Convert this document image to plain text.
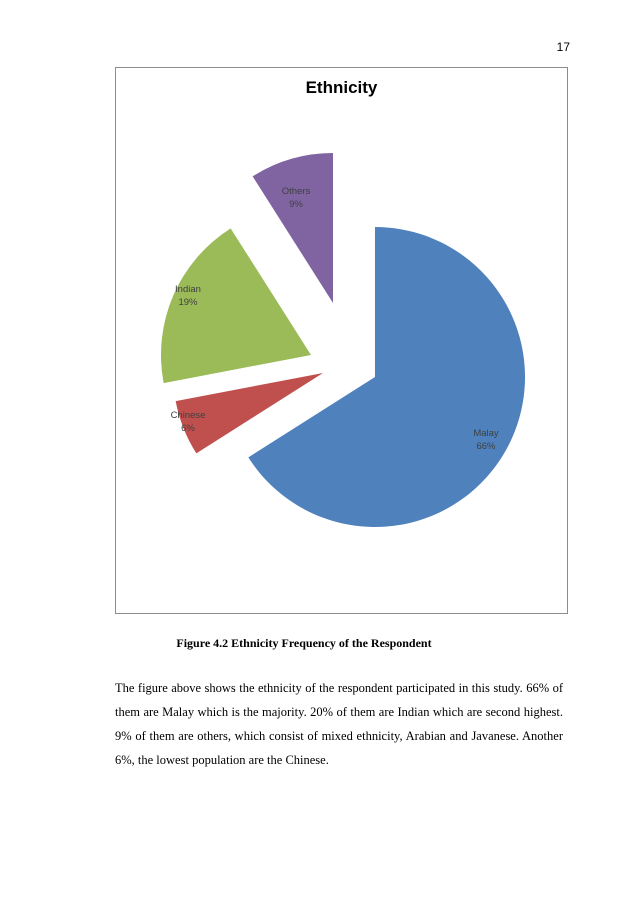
17
Ethnicity
Malay
66%
Chinese
6%
Indian
19%
Others
9%
Figure 4.2 Ethnicity Frequency of the Respondent
The figure above shows the ethnicity of the respondent participated in this study. 66% of them are Malay which is the majority. 20% of them are Indian which are second highest. 9% of them are others, which consist of mixed ethnicity, Arabian and Javanese. Another 6%, the lowest population are the Chinese.
